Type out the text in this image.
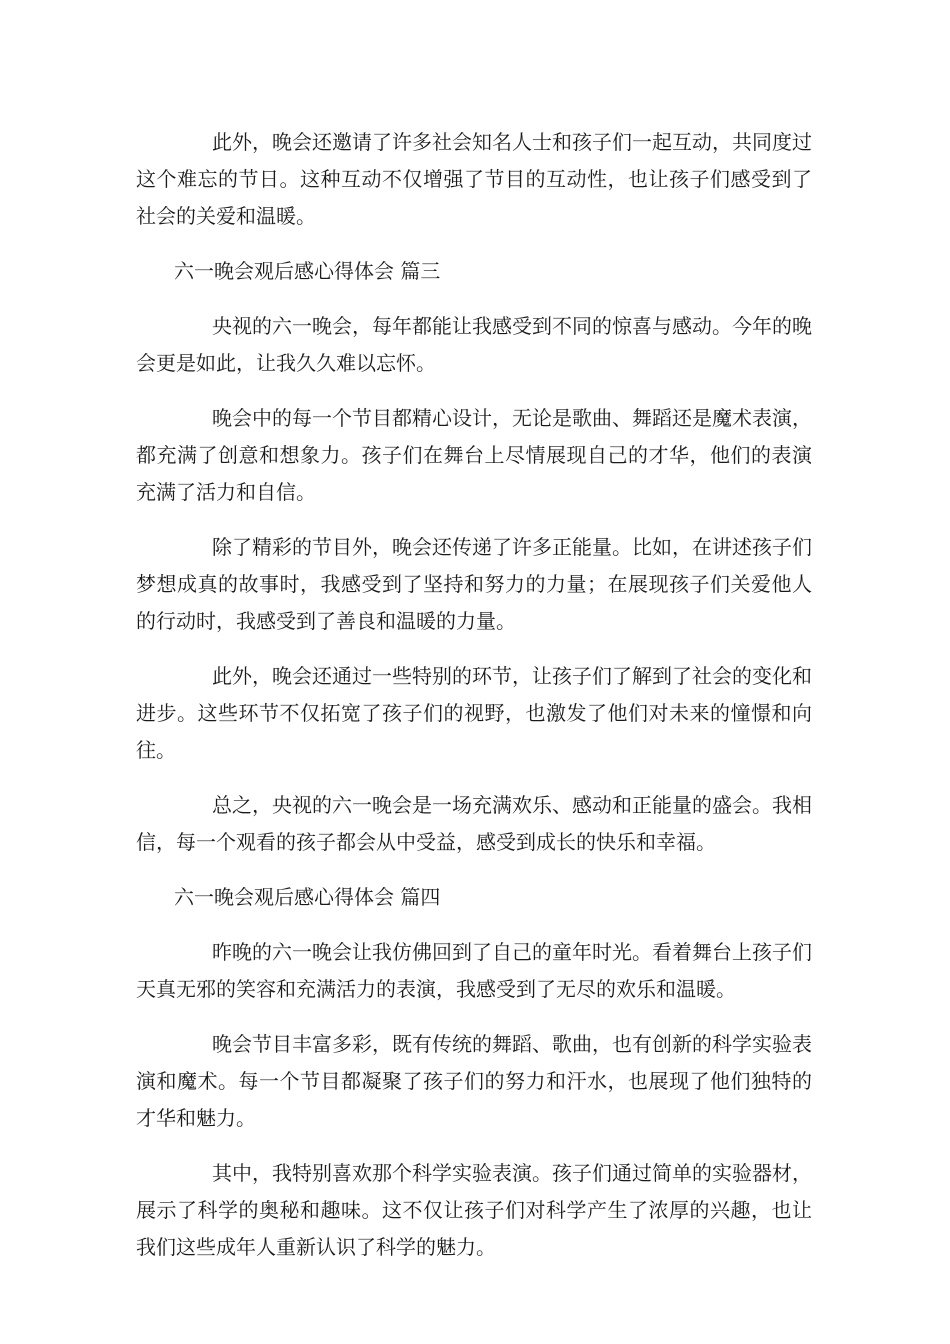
此外，晚会还邀请了许多社会知名人士和孩子们一起互动，共同度过这个难忘的节日。这种互动不仅增强了节目的互动性，也让孩子们感受到了社会的关爱和温暖。

六一晚会观后感心得体会 篇三

央视的六一晚会，每年都能让我感受到不同的惊喜与感动。今年的晚会更是如此，让我久久难以忘怀。

晚会中的每一个节目都精心设计，无论是歌曲、舞蹈还是魔术表演，都充满了创意和想象力。孩子们在舞台上尽情展现自己的才华，他们的表演充满了活力和自信。

除了精彩的节目外，晚会还传递了许多正能量。比如，在讲述孩子们梦想成真的故事时，我感受到了坚持和努力的力量；在展现孩子们关爱他人的行动时，我感受到了善良和温暖的力量。

此外，晚会还通过一些特别的环节，让孩子们了解到了社会的变化和进步。这些环节不仅拓宽了孩子们的视野，也激发了他们对未来的憧憬和向往。

总之，央视的六一晚会是一场充满欢乐、感动和正能量的盛会。我相信，每一个观看的孩子都会从中受益，感受到成长的快乐和幸福。

六一晚会观后感心得体会 篇四

昨晚的六一晚会让我仿佛回到了自己的童年时光。看着舞台上孩子们天真无邪的笑容和充满活力的表演，我感受到了无尽的欢乐和温暖。

晚会节目丰富多彩，既有传统的舞蹈、歌曲，也有创新的科学实验表演和魔术。每一个节目都凝聚了孩子们的努力和汗水，也展现了他们独特的才华和魅力。

其中，我特别喜欢那个科学实验表演。孩子们通过简单的实验器材，展示了科学的奥秘和趣味。这不仅让孩子们对科学产生了浓厚的兴趣，也让我们这些成年人重新认识了科学的魅力。
